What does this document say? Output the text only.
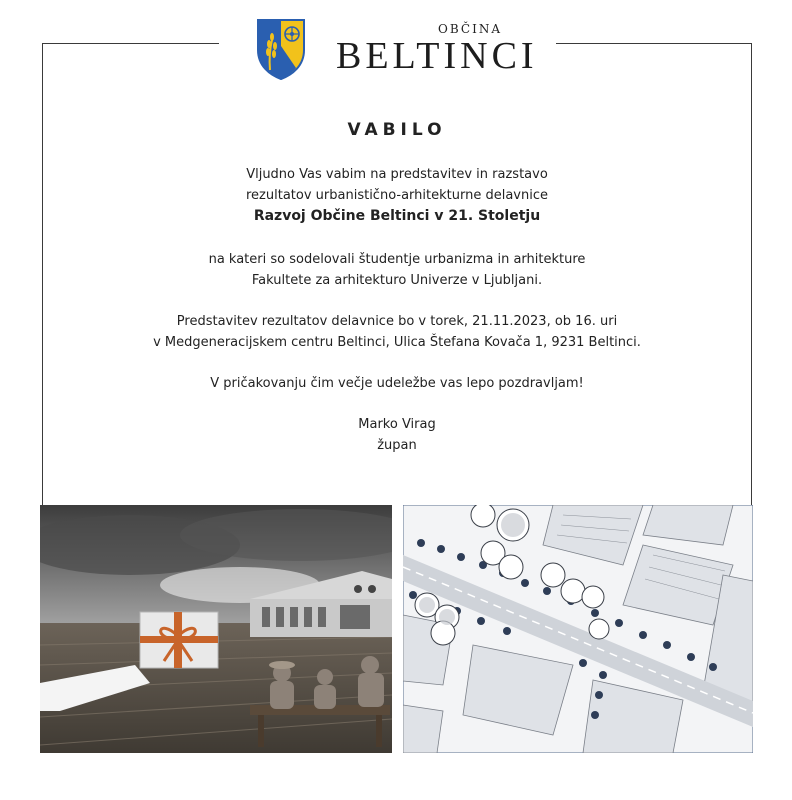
OBČINA
BELTINCI
VABILO
Vljudno Vas vabim na predstavitev in razstavo
rezultatov urbanistično-arhitekturne delavnice
Razvoj Občine Beltinci v 21. Stoletju
na kateri so sodelovali študentje urbanizma in arhitekture
Fakultete za arhitekturo Univerze v Ljubljani.
Predstavitev rezultatov delavnice bo v torek, 21.11.2023, ob 16. uri
v Medgeneracijskem centru Beltinci, Ulica Štefana Kovača 1, 9231 Beltinci.
V pričakovanju čim večje udeležbe vas lepo pozdravljam!
Marko Virag
župan
